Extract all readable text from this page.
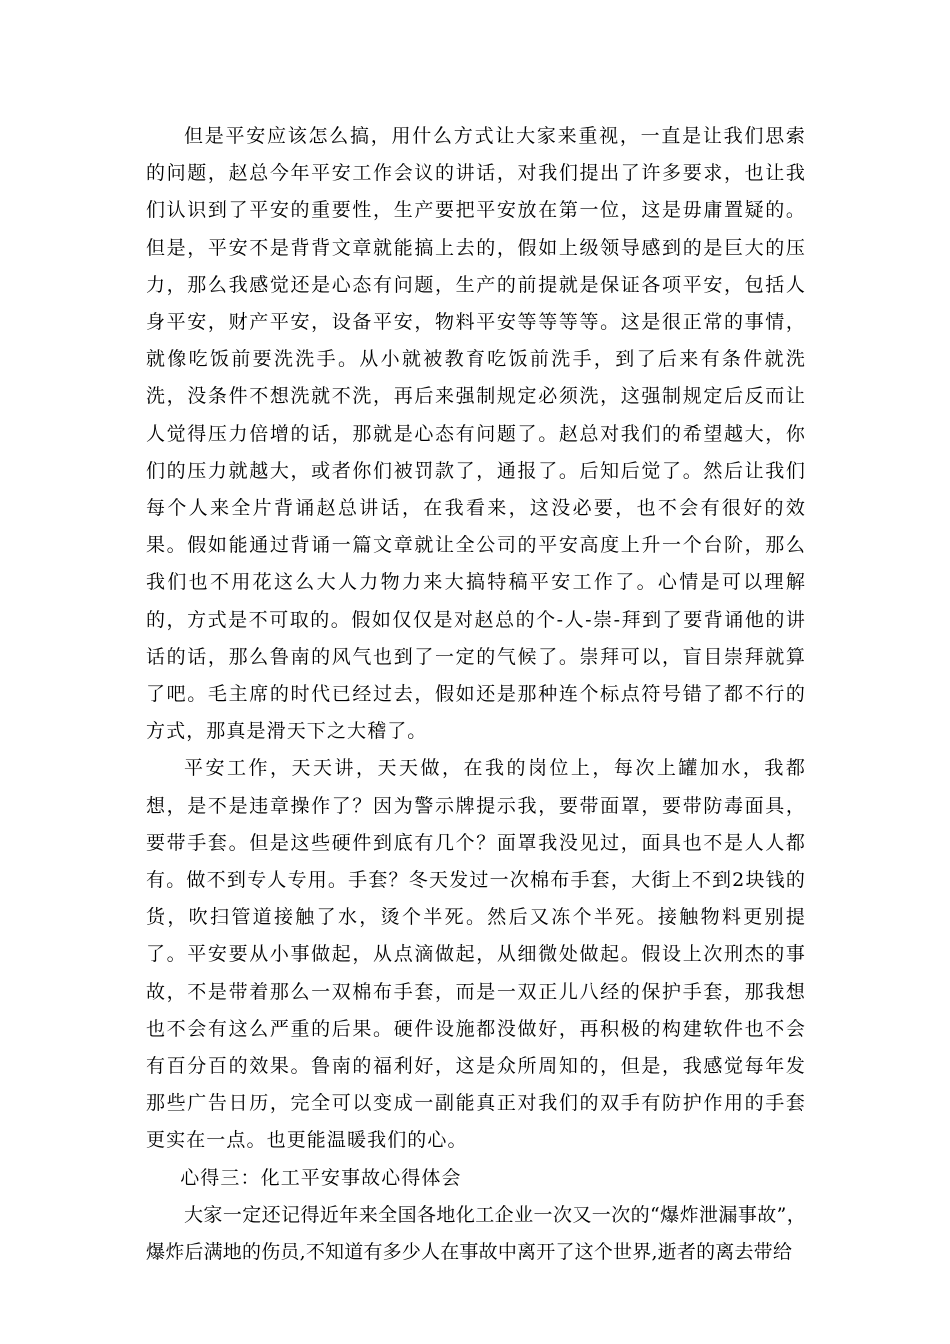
但是平安应该怎么搞，用什么方式让大家来重视，一直是让我们思索的问题，赵总今年平安工作会议的讲话，对我们提出了许多要求，也让我们认识到了平安的重要性，生产要把平安放在第一位，这是毋庸置疑的。但是，平安不是背背文章就能搞上去的，假如上级领导感到的是巨大的压力，那么我感觉还是心态有问题，生产的前提就是保证各项平安，包括人身平安，财产平安，设备平安，物料平安等等等等。这是很正常的事情，就像吃饭前要洗洗手。从小就被教育吃饭前洗手，到了后来有条件就洗洗，没条件不想洗就不洗，再后来强制规定必须洗，这强制规定后反而让人觉得压力倍增的话，那就是心态有问题了。赵总对我们的希望越大，你们的压力就越大，或者你们被罚款了，通报了。后知后觉了。然后让我们每个人来全片背诵赵总讲话，在我看来，这没必要，也不会有很好的效果。假如能通过背诵一篇文章就让全公司的平安高度上升一个台阶，那么我们也不用花这么大人力物力来大搞特稿平安工作了。心情是可以理解的，方式是不可取的。假如仅仅是对赵总的个-人-崇-拜到了要背诵他的讲话的话，那么鲁南的风气也到了一定的气候了。崇拜可以，盲目崇拜就算了吧。毛主席的时代已经过去，假如还是那种连个标点符号错了都不行的方式，那真是滑天下之大稽了。

平安工作，天天讲，天天做，在我的岗位上，每次上罐加水，我都想，是不是违章操作了？因为警示牌提示我，要带面罩，要带防毒面具，要带手套。但是这些硬件到底有几个？面罩我没见过，面具也不是人人都有。做不到专人专用。手套？冬天发过一次棉布手套，大街上不到2块钱的货，吹扫管道接触了水，烫个半死。然后又冻个半死。接触物料更别提了。平安要从小事做起，从点滴做起，从细微处做起。假设上次刑杰的事故，不是带着那么一双棉布手套，而是一双正儿八经的保护手套，那我想也不会有这么严重的后果。硬件设施都没做好，再积极的构建软件也不会有百分百的效果。鲁南的福利好，这是众所周知的，但是，我感觉每年发那些广告日历，完全可以变成一副能真正对我们的双手有防护作用的手套更实在一点。也更能温暖我们的心。

心得三：化工平安事故心得体会

大家一定还记得近年来全国各地化工企业一次又一次的“爆炸泄漏事故”，爆炸后满地的伤员,不知道有多少人在事故中离开了这个世界,逝者的离去带给
